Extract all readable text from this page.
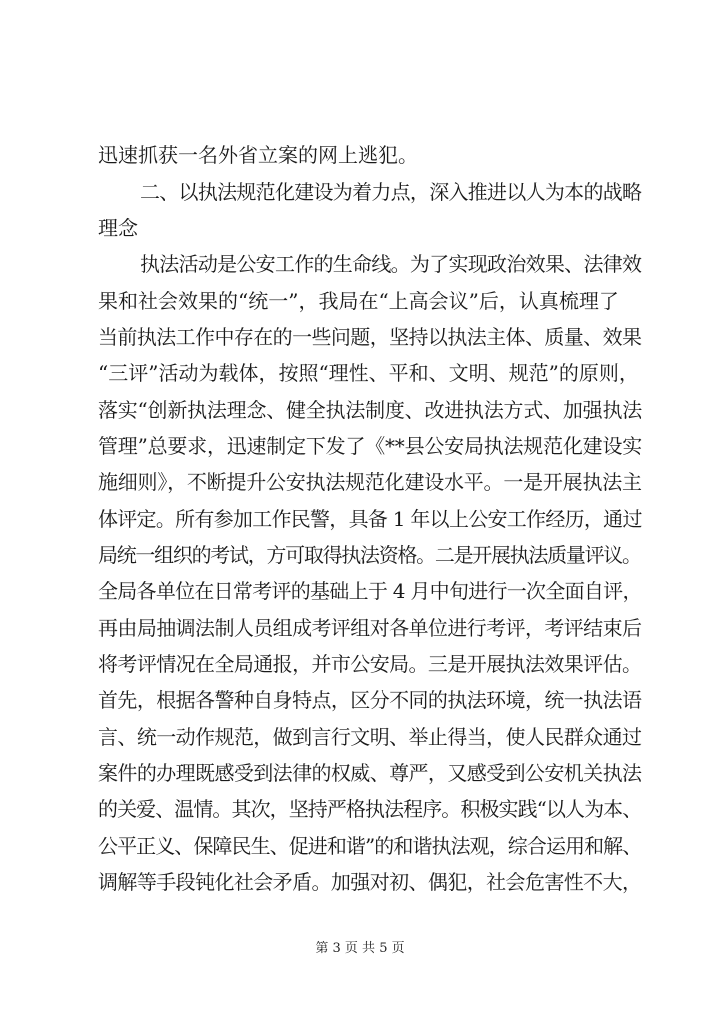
迅速抓获一名外省立案的网上逃犯。
二、以执法规范化建设为着力点，深入推进以人为本的战略
理念
执法活动是公安工作的生命线。为了实现政治效果、法律效
果和社会效果的“统一”，我局在“上高会议”后，认真梳理了
当前执法工作中存在的一些问题，坚持以执法主体、质量、效果
“三评”活动为载体，按照“理性、平和、文明、规范”的原则，
落实“创新执法理念、健全执法制度、改进执法方式、加强执法
管理”总要求，迅速制定下发了《**县公安局执法规范化建设实
施细则》，不断提升公安执法规范化建设水平。一是开展执法主
体评定。所有参加工作民警，具备 1 年以上公安工作经历，通过
局统一组织的考试，方可取得执法资格。二是开展执法质量评议。
全局各单位在日常考评的基础上于 4 月中旬进行一次全面自评，
再由局抽调法制人员组成考评组对各单位进行考评，考评结束后
将考评情况在全局通报，并市公安局。三是开展执法效果评估。
首先，根据各警种自身特点，区分不同的执法环境，统一执法语
言、统一动作规范，做到言行文明、举止得当，使人民群众通过
案件的办理既感受到法律的权威、尊严，又感受到公安机关执法
的关爱、温情。其次，坚持严格执法程序。积极实践“以人为本、
公平正义、保障民生、促进和谐”的和谐执法观，综合运用和解、
调解等手段钝化社会矛盾。加强对初、偶犯，社会危害性不大，
第 3 页 共 5 页
